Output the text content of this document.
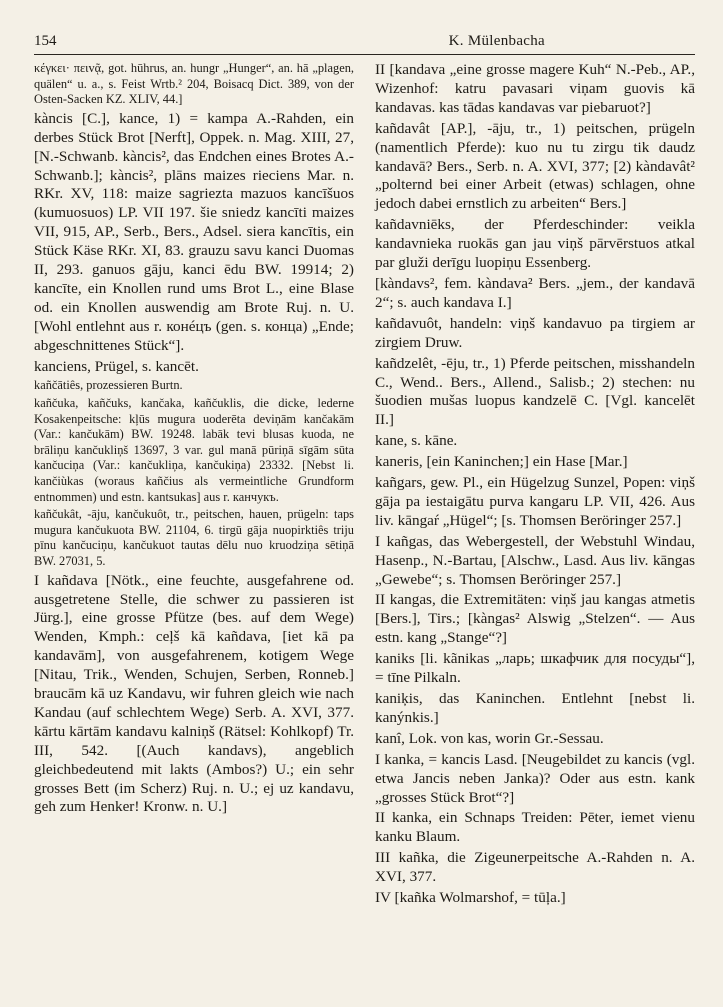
154	K. Mülenbacha

κέγκει· πειvᾷ, got. hūhrus, an. hungr „Hunger“, an. hā „plagen, quälen“ u. a., s. Feist Wrtb.² 204, Boisacq Dict. 389, von der Osten-Sacken KZ. XLIV, 44.]

kàncis [C.], kance, 1) = kampa A.-Rahden, ein derbes Stück Brot [Nerft], Oppek. n. Mag. XIII, 27, [N.-Schwanb. kàncis², das Endchen eines Brotes A.-Schwanb.]; kàncis², plāns maizes rieciens Mar. n. RKr. XV, 118: maize sagriezta mazuos kancīšuos (kumuosuos) LP. VII 197. šie sniedz kancīti maizes VII, 915, AP., Serb., Bers., Adsel. siera kancītis, ein Stück Käse RKr. XI, 83. grauzu savu kanci Duomas II, 293. ganuos gāju, kanci ēdu BW. 19914; 2) kancīte, ein Knollen rund ums Brot L., eine Blase od. ein Knollen auswendig am Brote Ruj. n. U. [Wohl entlehnt aus r. конéцъ (gen. s. конца) „Ende; abgeschnittenes Stück“].

kanciens, Prügel, s. kancēt.

kañčātiês, prozessieren Burtn.

kañčuka, kañčuks, kančaka, kañčuklis, die dicke, lederne Kosakenpeitsche: kļūs mugura uoderēta deviņām kančakām (Var.: kančukām) BW. 19248. labāk tevi blusas kuoda, ne brāliņu kančukliņš 13697, 3 var. gul manā pūriņā sīgām sūta kančuciņa (Var.: kančukliņa, kančukiņa) 23332. [Nebst li. kančiùkas (woraus kañčius als vermeintliche Grundform entnommen) und estn. kantsukas] aus r. канчукъ.

kañčukât, -āju, kančukuôt, tr., peitschen, hauen, prügeln: taps mugura kančukuota BW. 21104, 6. tirgū gāja nuopirktiês triju pīnu kančuciņu, kančukuot tautas dēlu nuo kruodziņa sētiņā BW. 27031, 5.

I kañdava [Nötk., eine feuchte, ausgefahrene od. ausgetretene Stelle, die schwer zu passieren ist Jürg.], eine grosse Pfütze (bes. auf dem Wege) Wenden, Kmph.: cеļš kā kañdava, [iet kā pa kandavām], von ausgefahrenem, kotigem Wege [Nitau, Trik., Wenden, Schujen, Serben, Ronneb.] braucām kā uz Kandavu, wir fuhren gleich wie nach Kandau (auf schlechtem Wege) Serb. A. XVI, 377. kārtu kārtām kandavu kalniņš (Rätsel: Kohlkopf) Tr. III, 542. [(Auch kandavs), angeblich gleichbedeutend mit lakts (Ambos?) U.; ein sehr grosses Bett (im Scherz) Ruj. n. U.; ej uz kandavu, geh zum Henker! Kronw. n. U.]

II [kandava „eine grosse magere Kuh“ N.-Peb., AP., Wizenhof: katru pavasari viņam guovis kā kandavas. kas tādas kandavas var piebaruot?]

kañdavât [AP.], -āju, tr., 1) peitschen, prügeln (namentlich Pferde): kuo nu tu zirgu tik daudz kandavā? Bers., Serb. n. A. XVI, 377; [2) kàndavât² „polternd bei einer Arbeit (etwas) schlagen, ohne jedoch dabei ernstlich zu arbeiten“ Bers.]

kañdavniēks, der Pferdeschinder: veikla kandavnieka ruokās gan jau viņš pārvērstuos atkal par gluži derīgu luopiņu Essenberg.

[kàndavs², fem. kàndava² Bers. „jem., der kandavā 2“; s. auch kandava I.]

kañdavuôt, handeln: viņš kandavuo pa tirgiem ar zirgiem Druw.

kañdzelêt, -ēju, tr., 1) Pferde peitschen, misshandeln C., Wend.. Bers., Allend., Salisb.; 2) stechen: nu šuodien mušas luopus kandzelē C. [Vgl. kancelēt II.]

kane, s. kāne.

kaneris, [ein Kaninchen;] ein Hase [Mar.]

kañgars, gew. Pl., ein Hügelzug Sunzel, Popen: viņš gāja pa iestaigātu purva kangaru LP. VII, 426. Aus liv. kāngaŕ „Hügel“; [s. Thomsen Beröringer 257.]

I kañgas, das Webergestell, der Webstuhl Windau, Hasenp., N.-Bartau, [Alschw., Lasd. Aus liv. kāngas „Gewebe“; s. Thomsen Beröringer 257.]

II kangas, die Extremitäten: viņš jau kangas atmetis [Bers.], Tirs.; [kàngas² Alswig „Stelzen“. — Aus estn. kang „Stange“?]

kaniks [li. kãnikas „ларь; шкафчик для посуды“], = tīne Pilkaln.

kaniķis, das Kaninchen. Entlehnt [nebst li. kanýnkis.]

kanî, Lok. von kas, worin Gr.-Sessau.

I kanka, = kancis Lasd. [Neugebildet zu kancis (vgl. etwa Jancis neben Janka)? Oder aus estn. kank „grosses Stück Brot“?]

II kanka, ein Schnaps Treiden: Pēter, iemet vienu kanku Blaum.

III kañka, die Zigeunerpeitsche A.-Rahden n. A. XVI, 377.

IV [kañka Wolmarshof, = tūļa.]
